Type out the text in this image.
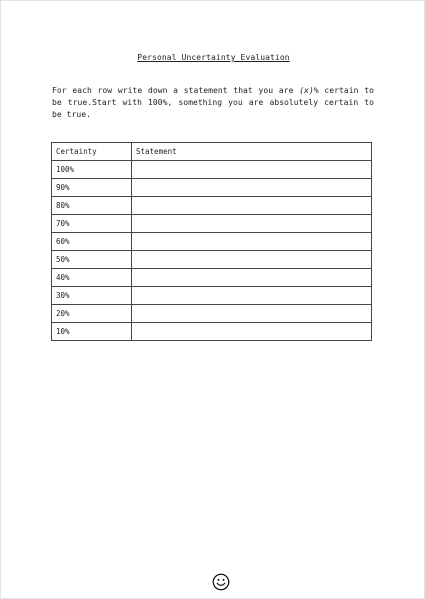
Personal Uncertainty Evaluation
For each row write down a statement that you are (x)% certain to be true.Start with 100%, something you are absolutely certain to be true.
Certainty	Statement
100%	
90%	
80%	
70%	
60%	
50%	
40%	
30%	
20%	
10%	
